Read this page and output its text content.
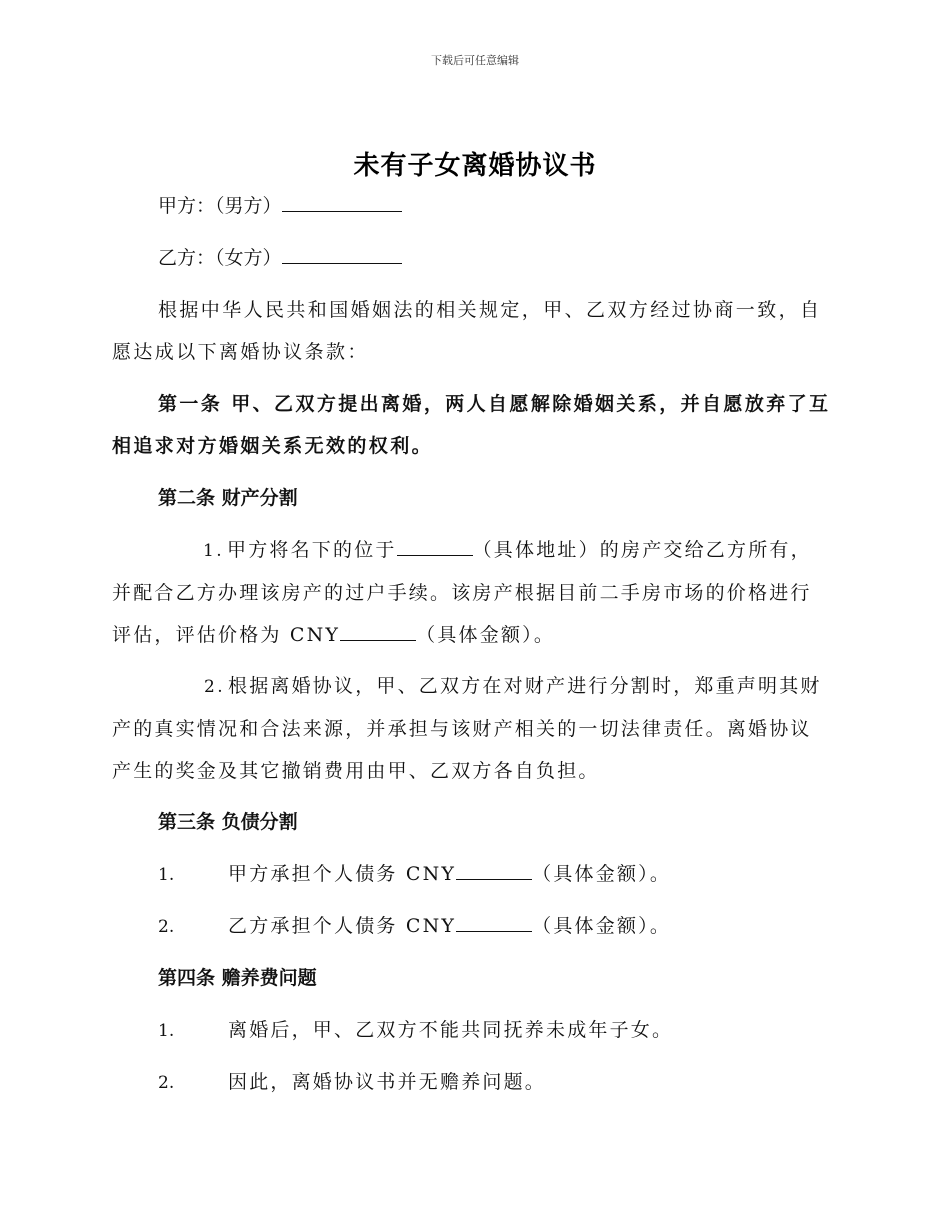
下载后可任意编辑
未有子女离婚协议书
甲方：（男方）
乙方：（女方）
根据中华人民共和国婚姻法的相关规定，甲、乙双方经过协商一致，自愿达成以下离婚协议条款：
第一条 甲、乙双方提出离婚，两人自愿解除婚姻关系，并自愿放弃了互相追求对方婚姻关系无效的权利。
第二条 财产分割
1. 甲方将名下的位于	（具体地址）的房产交给乙方所有，并配合乙方办理该房产的过户手续。该房产根据目前二手房市场的价格进行评估，评估价格为 CNY	（具体金额）。
2. 根据离婚协议，甲、乙双方在对财产进行分割时，郑重声明其财产的真实情况和合法来源，并承担与该财产相关的一切法律责任。离婚协议产生的奖金及其它撤销费用由甲、乙双方各自负担。
第三条 负债分割
1.	甲方承担个人债务 CNY	（具体金额）。
2.	乙方承担个人债务 CNY	（具体金额）。
第四条 赡养费问题
1.	离婚后，甲、乙双方不能共同抚养未成年子女。
2.	因此，离婚协议书并无赡养问题。
